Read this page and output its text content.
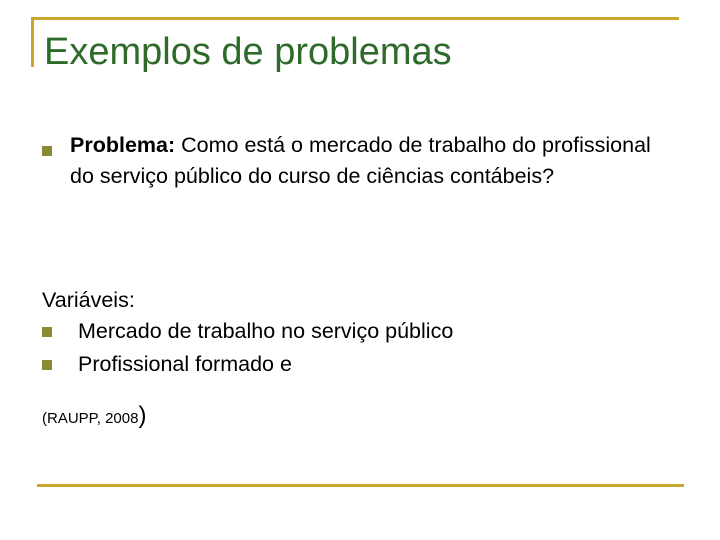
Exemplos de problemas

Problema: Como está o mercado de trabalho do profissional do serviço público do curso de ciências contábeis?

Variáveis:
Mercado de trabalho no serviço público
Profissional formado e
(RAUPP, 2008)
